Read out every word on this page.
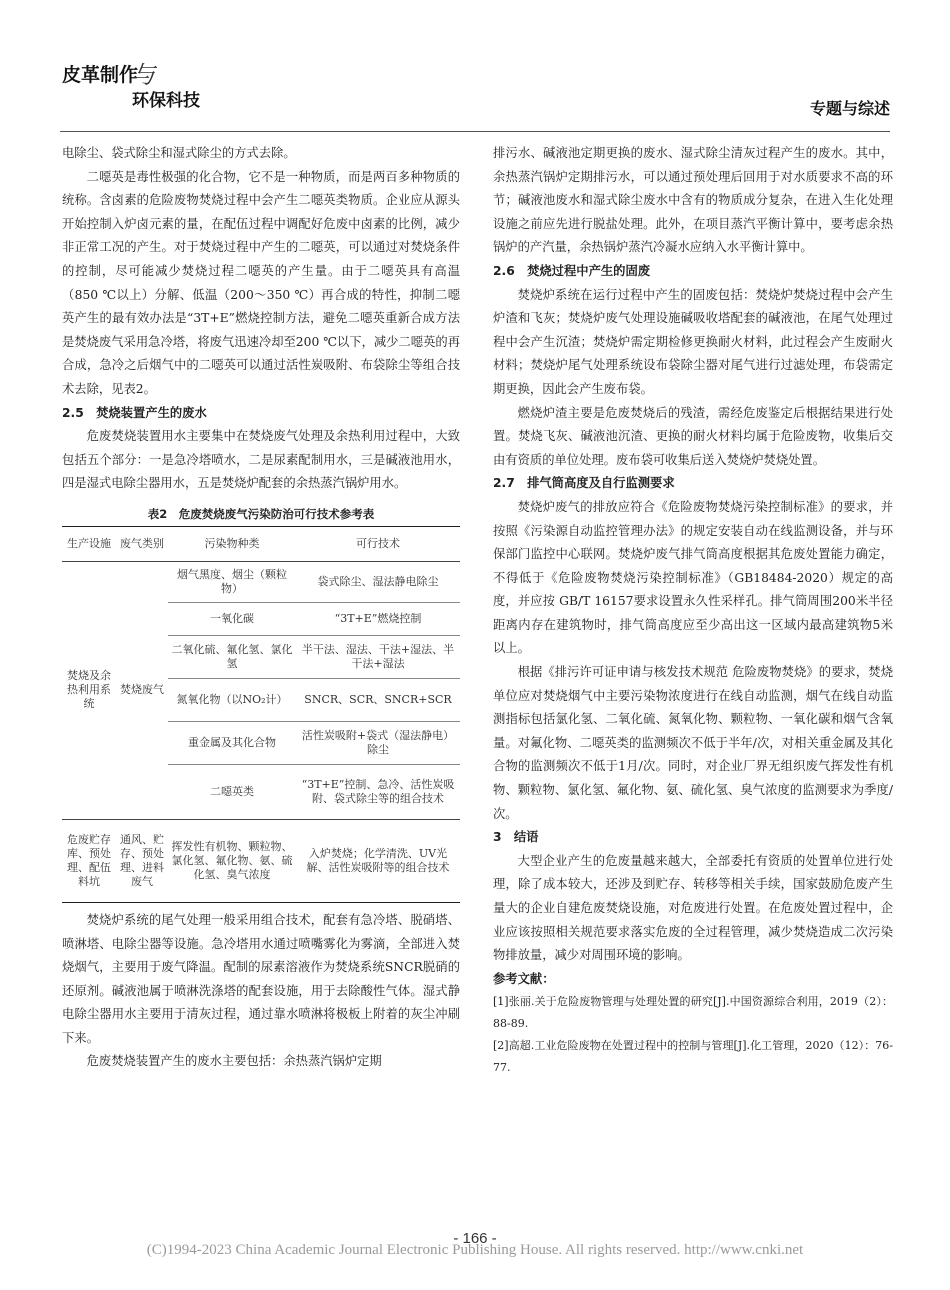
皮革制作
与
环保科技	专题与综述

电除尘、袋式除尘和湿式除尘的方式去除。

二噁英是毒性极强的化合物，它不是一种物质，而是两百多种物质的统称。含卤素的危险废物焚烧过程中会产生二噁英类物质。企业应从源头开始控制入炉卤元素的量，在配伍过程中调配好危废中卤素的比例，减少非正常工况的产生。对于焚烧过程中产生的二噁英，可以通过对焚烧条件的控制，尽可能减少焚烧过程二噁英的产生量。由于二噁英具有高温（850 ℃以上）分解、低温（200～350 ℃）再合成的特性，抑制二噁英产生的最有效办法是“3T+E”燃烧控制方法，避免二噁英重新合成方法是焚烧废气采用急冷塔，将废气迅速冷却至200 ℃以下，减少二噁英的再合成，急冷之后烟气中的二噁英可以通过活性炭吸附、布袋除尘等组合技术去除，见表2。

2.5　焚烧装置产生的废水

危废焚烧装置用水主要集中在焚烧废气处理及余热利用过程中，大致包括五个部分：一是急冷塔喷水，二是尿素配制用水，三是碱液池用水，四是湿式电除尘器用水，五是焚烧炉配套的余热蒸汽锅炉用水。

表2　危废焚烧废气污染防治可行技术参考表
生产设施	废气类别	污染物种类	可行技术
焚烧及余热利用系统	焚烧废气	烟气黑度、烟尘（颗粒物）	袋式除尘、湿法静电除尘
		一氧化碳	“3T+E”燃烧控制
		二氧化硫、氟化氢、氯化氢	半干法、湿法、干法+湿法、半干法+湿法
		氮氧化物（以NO₂计）	SNCR、SCR、SNCR+SCR
		重金属及其化合物	活性炭吸附+袋式（湿法静电）除尘
		二噁英类	“3T+E”控制、急冷、活性炭吸附、袋式除尘等的组合技术
危废贮存库、预处理、配伍料坑	通风、贮存、预处理、进料废气	挥发性有机物、颗粒物、氯化氢、氟化物、氨、硫化氢、臭气浓度	入炉焚烧；化学清洗、UV光解、活性炭吸附等的组合技术

焚烧炉系统的尾气处理一般采用组合技术，配套有急冷塔、脱硝塔、喷淋塔、电除尘器等设施。急冷塔用水通过喷嘴雾化为雾滴，全部进入焚烧烟气，主要用于废气降温。配制的尿素溶液作为焚烧系统SNCR脱硝的还原剂。碱液池属于喷淋洗涤塔的配套设施，用于去除酸性气体。湿式静电除尘器用水主要用于清灰过程，通过靠水喷淋将极板上附着的灰尘冲刷下来。

危废焚烧装置产生的废水主要包括：余热蒸汽锅炉定期

排污水、碱液池定期更换的废水、湿式除尘清灰过程产生的废水。其中，余热蒸汽锅炉定期排污水，可以通过预处理后回用于对水质要求不高的环节；碱液池废水和湿式除尘废水中含有的物质成分复杂，在进入生化处理设施之前应先进行脱盐处理。此外，在项目蒸汽平衡计算中，要考虑余热锅炉的产汽量，余热锅炉蒸汽冷凝水应纳入水平衡计算中。

2.6　焚烧过程中产生的固废

焚烧炉系统在运行过程中产生的固废包括：焚烧炉焚烧过程中会产生炉渣和飞灰；焚烧炉废气处理设施碱吸收塔配套的碱液池，在尾气处理过程中会产生沉渣；焚烧炉需定期检修更换耐火材料，此过程会产生废耐火材料；焚烧炉尾气处理系统设布袋除尘器对尾气进行过滤处理，布袋需定期更换，因此会产生废布袋。

燃烧炉渣主要是危废焚烧后的残渣，需经危废鉴定后根据结果进行处置。焚烧飞灰、碱液池沉渣、更换的耐火材料均属于危险废物，收集后交由有资质的单位处理。废布袋可收集后送入焚烧炉焚烧处置。

2.7　排气筒高度及自行监测要求

焚烧炉废气的排放应符合《危险废物焚烧污染控制标准》的要求，并按照《污染源自动监控管理办法》的规定安装自动在线监测设备，并与环保部门监控中心联网。焚烧炉废气排气筒高度根据其危废处置能力确定，不得低于《危险废物焚烧污染控制标准》（GB18484-2020）规定的高度，并应按 GB/T 16157要求设置永久性采样孔。排气筒周围200米半径距离内存在建筑物时，排气筒高度应至少高出这一区域内最高建筑物5米以上。

根据《排污许可证申请与核发技术规范 危险废物焚烧》的要求，焚烧单位应对焚烧烟气中主要污染物浓度进行在线自动监测，烟气在线自动监测指标包括氯化氢、二氧化硫、氮氧化物、颗粒物、一氧化碳和烟气含氧量。对氟化物、二噁英类的监测频次不低于半年/次，对相关重金属及其化合物的监测频次不低于1月/次。同时，对企业厂界无组织废气挥发性有机物、颗粒物、氯化氢、氟化物、氨、硫化氢、臭气浓度的监测要求为季度/次。

3　结语

大型企业产生的危废量越来越大，全部委托有资质的处置单位进行处理，除了成本较大，还涉及到贮存、转移等相关手续，国家鼓励危废产生量大的企业自建危废焚烧设施，对危废进行处置。在危废处置过程中，企业应该按照相关规范要求落实危废的全过程管理，减少焚烧造成二次污染物排放量，减少对周围环境的影响。

参考文献：

[1]张丽.关于危险废物管理与处理处置的研究[J].中国资源综合利用，2019（2）：88-89.

[2]高超.工业危险废物在处置过程中的控制与管理[J].化工管理，2020（12）：76-77.

- 166 -
(C)1994-2023 China Academic Journal Electronic Publishing House. All rights reserved. http://www.cnki.net
